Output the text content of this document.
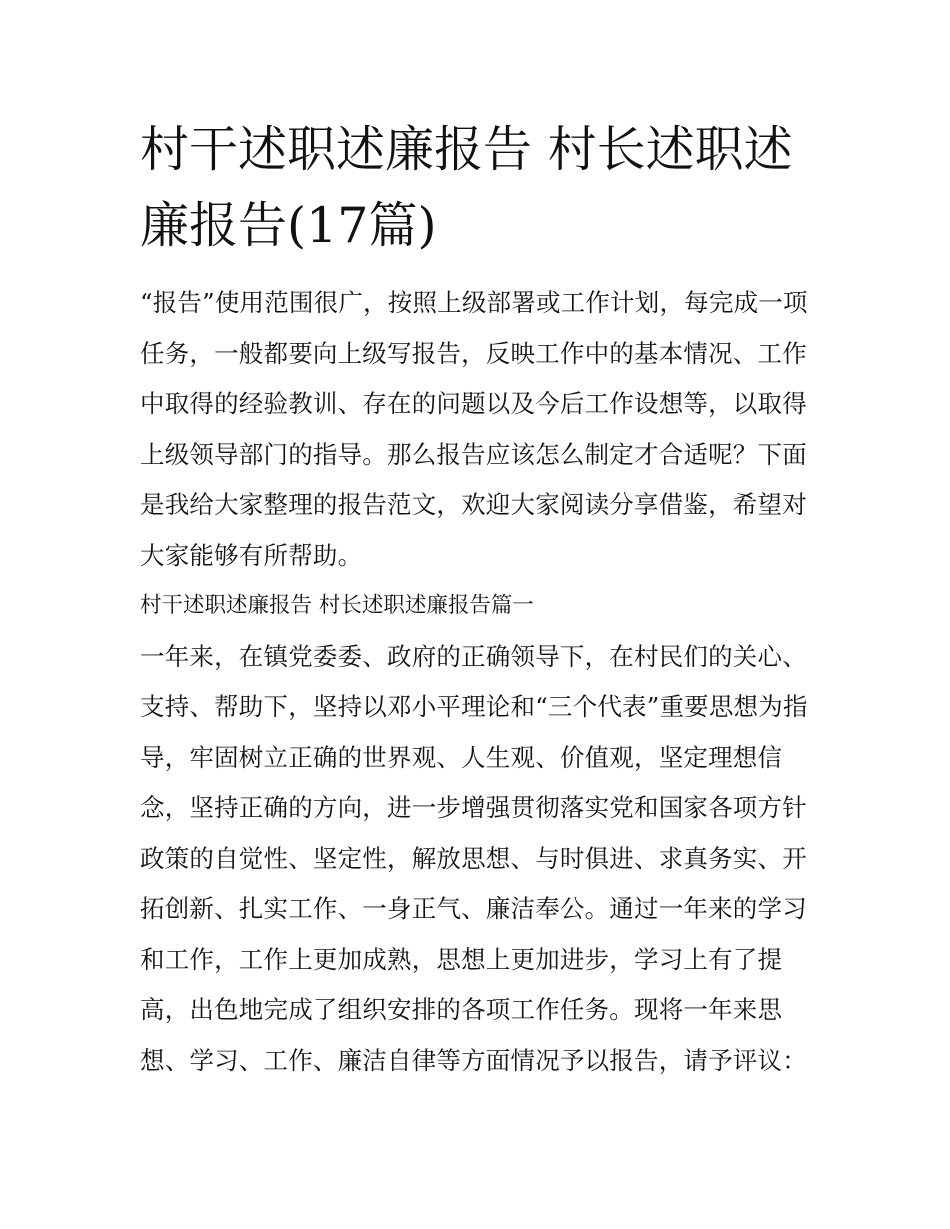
村干述职述廉报告 村长述职述廉报告(17篇)

“报告”使用范围很广，按照上级部署或工作计划，每完成一项任务，一般都要向上级写报告，反映工作中的基本情况、工作中取得的经验教训、存在的问题以及今后工作设想等，以取得上级领导部门的指导。那么报告应该怎么制定才合适呢？下面是我给大家整理的报告范文，欢迎大家阅读分享借鉴，希望对大家能够有所帮助。

村干述职述廉报告 村长述职述廉报告篇一

一年来，在镇党委委、政府的正确领导下，在村民们的关心、支持、帮助下，坚持以邓小平理论和“三个代表”重要思想为指导，牢固树立正确的世界观、人生观、价值观，坚定理想信念，坚持正确的方向，进一步增强贯彻落实党和国家各项方针政策的自觉性、坚定性，解放思想、与时俱进、求真务实、开拓创新、扎实工作、一身正气、廉洁奉公。通过一年来的学习和工作，工作上更加成熟，思想上更加进步，学习上有了提高，出色地完成了组织安排的各项工作任务。现将一年来思想、学习、工作、廉洁自律等方面情况予以报告，请予评议：
